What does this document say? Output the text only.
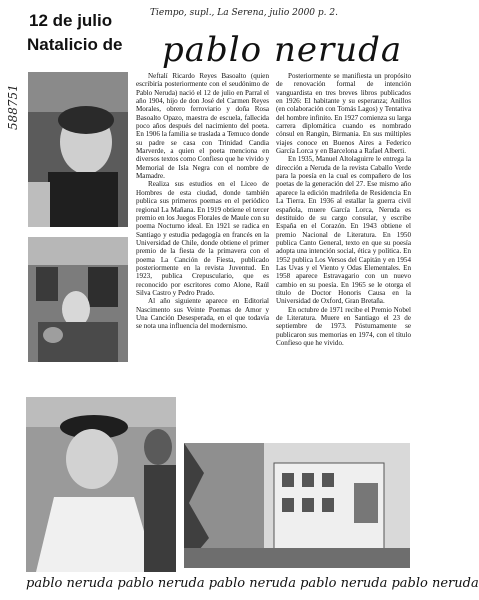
12 de julio
Natalicio de pablo neruda
Tiempo, supl., La Serena, julio 2000 p. 2.
588751

Neftalí Ricardo Reyes Basoalto (quien escribiría posteriormente con el seudónimo de Pablo Neruda) nació el 12 de julio en Parral el año 1904, hijo de don José del Carmen Reyes Morales, obrero ferroviario y doña Rosa Basoalto Opazo, maestra de escuela, fallecida poco años después del nacimiento del poeta. En 1906 la familia se traslada a Temuco donde su padre se casa con Trinidad Candia Marverde, a quien el poeta menciona en diversos textos como Confieso que he vivido y Memorial de Isla Negra con el nombre de Mamadre.

Realiza sus estudios en el Liceo de Hombres de esta ciudad, donde también publica sus primeros poemas en el periódico regional La Mañana. En 1919 obtiene el tercer premio en los Juegos Florales de Maule con su poema Nocturno ideal. En 1921 se radica en Santiago y estudia pedagogía en francés en la Universidad de Chile, donde obtiene el primer premio de la fiesta de la primavera con el poema La Canción de Fiesta, publicado posteriormente en la revista Juventud. En 1923, publica Crepusculario, que es reconocido por escritores como Alone, Raúl Silva Castro y Pedro Prado.

Al año siguiente aparece en Editorial Nascimento sus Veinte Poemas de Amor y Una Canción Desesperada, en el que todavía se nota una influencia del modernismo.

Posteriormente se manifiesta un propósito de renovación formal de intención vanguardista en tres breves libros publicados en 1926: El habitante y su esperanza; Anillos (en colaboración con Tomás Lagos) y Tentativa del hombre infinito. En 1927 comienza su larga carrera diplomática cuando es nombrado cónsul en Rangún, Birmania. En sus múltiples viajes conoce en Buenos Aires a Federico García Lorca y en Barcelona a Rafael Alberti.

En 1935, Manuel Altolaguirre le entrega la dirección a Neruda de la revista Caballo Verde para la poesía en la cual es compañero de los poetas de la generación del 27. Ese mismo año aparece la edición madrileña de Residencia En La Tierra. En 1936 al estallar la guerra civil española, muere García Lorca, Neruda es destituido de su cargo consular, y escribe España en el Corazón. En 1943 obtiene el premio Nacional de Literatura. En 1950 publica Canto General, texto en que su poesía adopta una intención social, ética y política. En 1952 publica Los Versos del Capitán y en 1954 Las Uvas y el Viento y Odas Elementales. En 1958 aparece Estravagario con un nuevo cambio en su poesía. En 1965 se le otorga el título de Doctor Honoris Causa en la Universidad de Oxford, Gran Bretaña.

En octubre de 1971 recibe el Premio Nobel de Literatura. Muere en Santiago el 23 de septiembre de 1973. Póstumamente se publicaron sus memorias en 1974, con el título Confieso que he vivido.

pablo neruda pablo neruda pablo neruda pablo neruda pablo neruda
